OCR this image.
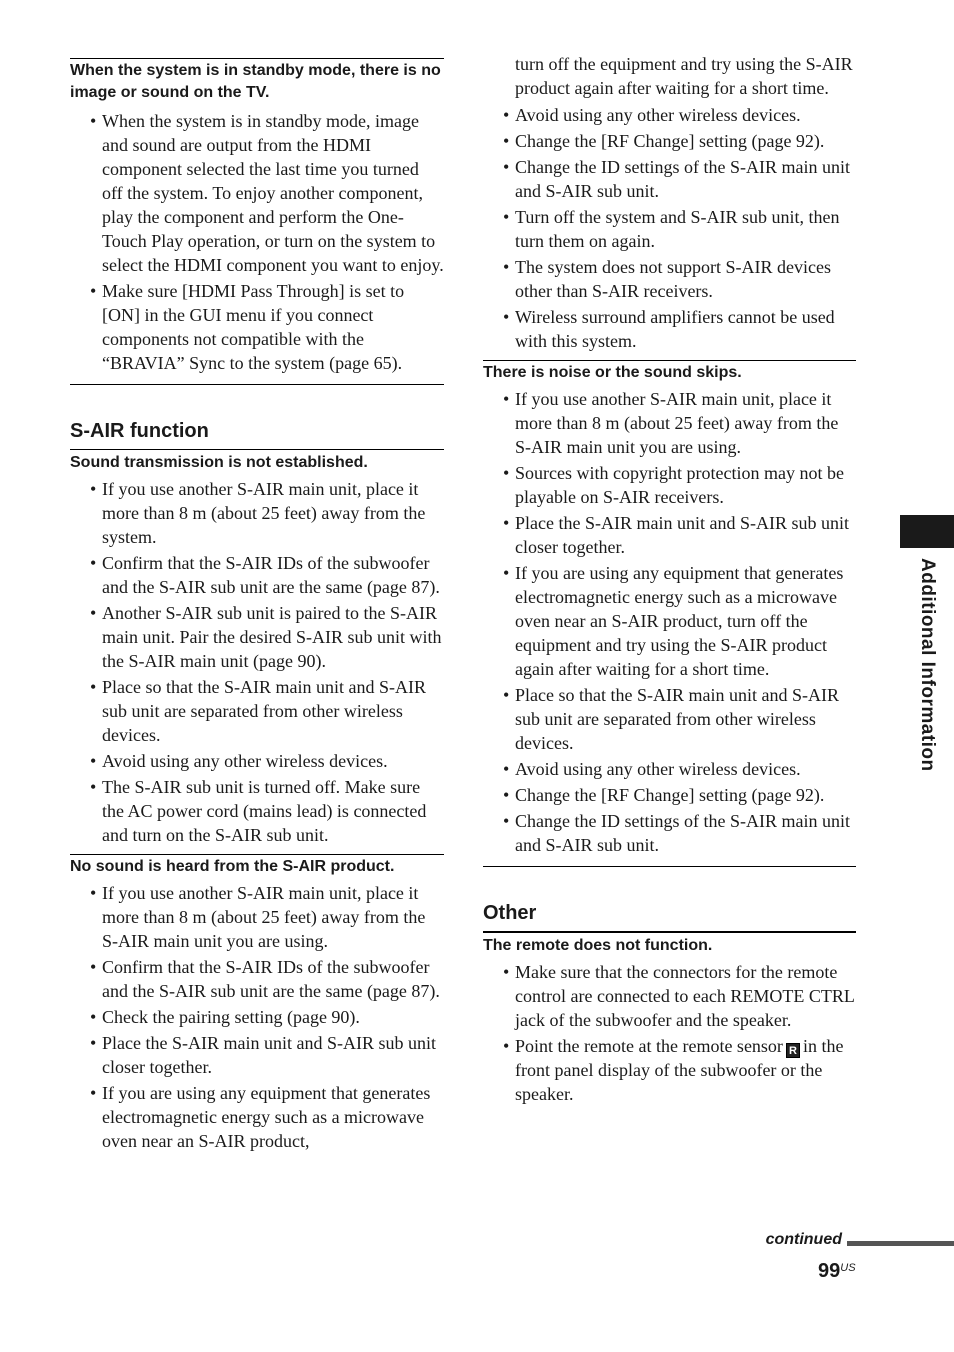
When the system is in standby mode, there is no image or sound on the TV.
• When the system is in standby mode, image and sound are output from the HDMI component selected the last time you turned off the system. To enjoy another component, play the component and perform the One-Touch Play operation, or turn on the system to select the HDMI component you want to enjoy.
• Make sure [HDMI Pass Through] is set to [ON] in the GUI menu if you connect components not compatible with the “BRAVIA” Sync to the system (page 65).
S-AIR function
Sound transmission is not established.
• If you use another S-AIR main unit, place it more than 8 m (about 25 feet) away from the system.
• Confirm that the S-AIR IDs of the subwoofer and the S-AIR sub unit are the same (page 87).
• Another S-AIR sub unit is paired to the S-AIR main unit. Pair the desired S-AIR sub unit with the S-AIR main unit (page 90).
• Place so that the S-AIR main unit and S-AIR sub unit are separated from other wireless devices.
• Avoid using any other wireless devices.
• The S-AIR sub unit is turned off. Make sure the AC power cord (mains lead) is connected and turn on the S-AIR sub unit.
No sound is heard from the S-AIR product.
• If you use another S-AIR main unit, place it more than 8 m (about 25 feet) away from the S-AIR main unit you are using.
• Confirm that the S-AIR IDs of the subwoofer and the S-AIR sub unit are the same (page 87).
• Check the pairing setting (page 90).
• Place the S-AIR main unit and S-AIR sub unit closer together.
• If you are using any equipment that generates electromagnetic energy such as a microwave oven near an S-AIR product,
turn off the equipment and try using the S-AIR product again after waiting for a short time.
• Avoid using any other wireless devices.
• Change the [RF Change] setting (page 92).
• Change the ID settings of the S-AIR main unit and S-AIR sub unit.
• Turn off the system and S-AIR sub unit, then turn them on again.
• The system does not support S-AIR devices other than S-AIR receivers.
• Wireless surround amplifiers cannot be used with this system.
There is noise or the sound skips.
• If you use another S-AIR main unit, place it more than 8 m (about 25 feet) away from the S-AIR main unit you are using.
• Sources with copyright protection may not be playable on S-AIR receivers.
• Place the S-AIR main unit and S-AIR sub unit closer together.
• If you are using any equipment that generates electromagnetic energy such as a microwave oven near an S-AIR product, turn off the equipment and try using the S-AIR product again after waiting for a short time.
• Place so that the S-AIR main unit and S-AIR sub unit are separated from other wireless devices.
• Avoid using any other wireless devices.
• Change the [RF Change] setting (page 92).
• Change the ID settings of the S-AIR main unit and S-AIR sub unit.
Other
The remote does not function.
• Make sure that the connectors for the remote control are connected to each REMOTE CTRL jack of the subwoofer and the speaker.
• Point the remote at the remote sensor R in the front panel display of the subwoofer or the speaker.
Additional Information
continued
$99^{US}$
